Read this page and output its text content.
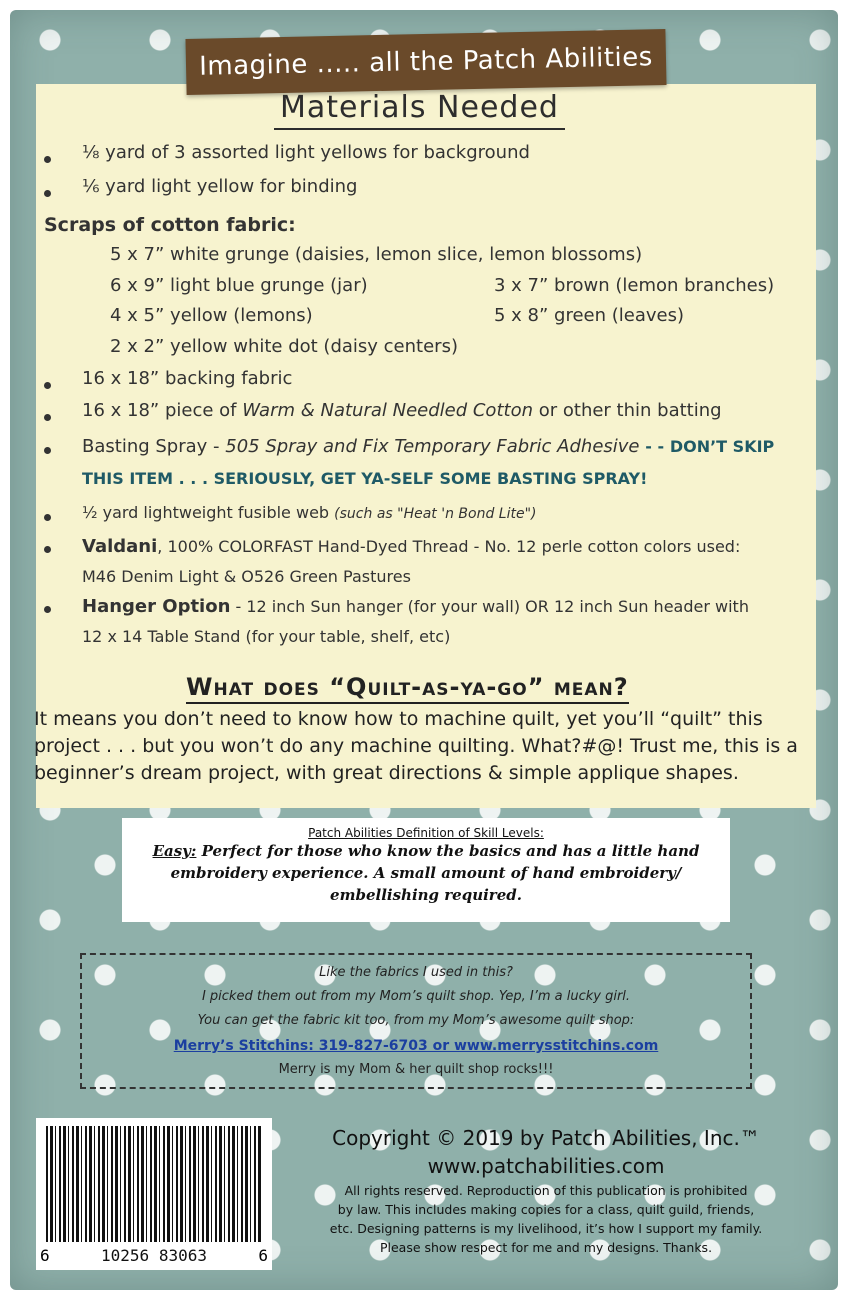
Imagine ..... all the Patch Abilities
Materials Needed
⅛ yard of 3 assorted light yellows for background
⅙ yard light yellow for binding
Scraps of cotton fabric:
5 x 7” white grunge (daisies, lemon slice, lemon blossoms)
6 x 9” light blue grunge (jar)	3 x 7” brown (lemon branches)
4 x 5” yellow (lemons)	5 x 8” green (leaves)
2 x 2” yellow white dot (daisy centers)
16 x 18” backing fabric
16 x 18” piece of Warm & Natural Needled Cotton or other thin batting
Basting Spray - 505 Spray and Fix Temporary Fabric Adhesive - - DON’T SKIP
THIS ITEM . . . SERIOUSLY, GET YA-SELF SOME BASTING SPRAY!
½ yard lightweight fusible web (such as "Heat 'n Bond Lite")
Valdani, 100% COLORFAST Hand-Dyed Thread - No. 12 perle cotton colors used:
M46 Denim Light & O526 Green Pastures
Hanger Option - 12 inch Sun hanger (for your wall) OR 12 inch Sun header with
12 x 14 Table Stand (for your table, shelf, etc)
What does “Quilt-as-ya-go” mean?
It means you don’t need to know how to machine quilt, yet you’ll “quilt” this
project . . . but you won’t do any machine quilting. What?#@! Trust me, this is a
beginner’s dream project, with great directions & simple applique shapes.
Patch Abilities Definition of Skill Levels:
Easy: Perfect for those who know the basics and has a little hand
embroidery experience. A small amount of hand embroidery/
embellishing required.
Like the fabrics I used in this?
I picked them out from my Mom’s quilt shop. Yep, I’m a lucky girl.
You can get the fabric kit too, from my Mom’s awesome quilt shop:
Merry’s Stitchins: 319-827-6703 or www.merrysstitchins.com
Merry is my Mom & her quilt shop rocks!!!
6	10256 83063	6
Copyright © 2019 by Patch Abilities, Inc.™
www.patchabilities.com
All rights reserved. Reproduction of this publication is prohibited
by law. This includes making copies for a class, quilt guild, friends,
etc. Designing patterns is my livelihood, it’s how I support my family.
Please show respect for me and my designs. Thanks.
